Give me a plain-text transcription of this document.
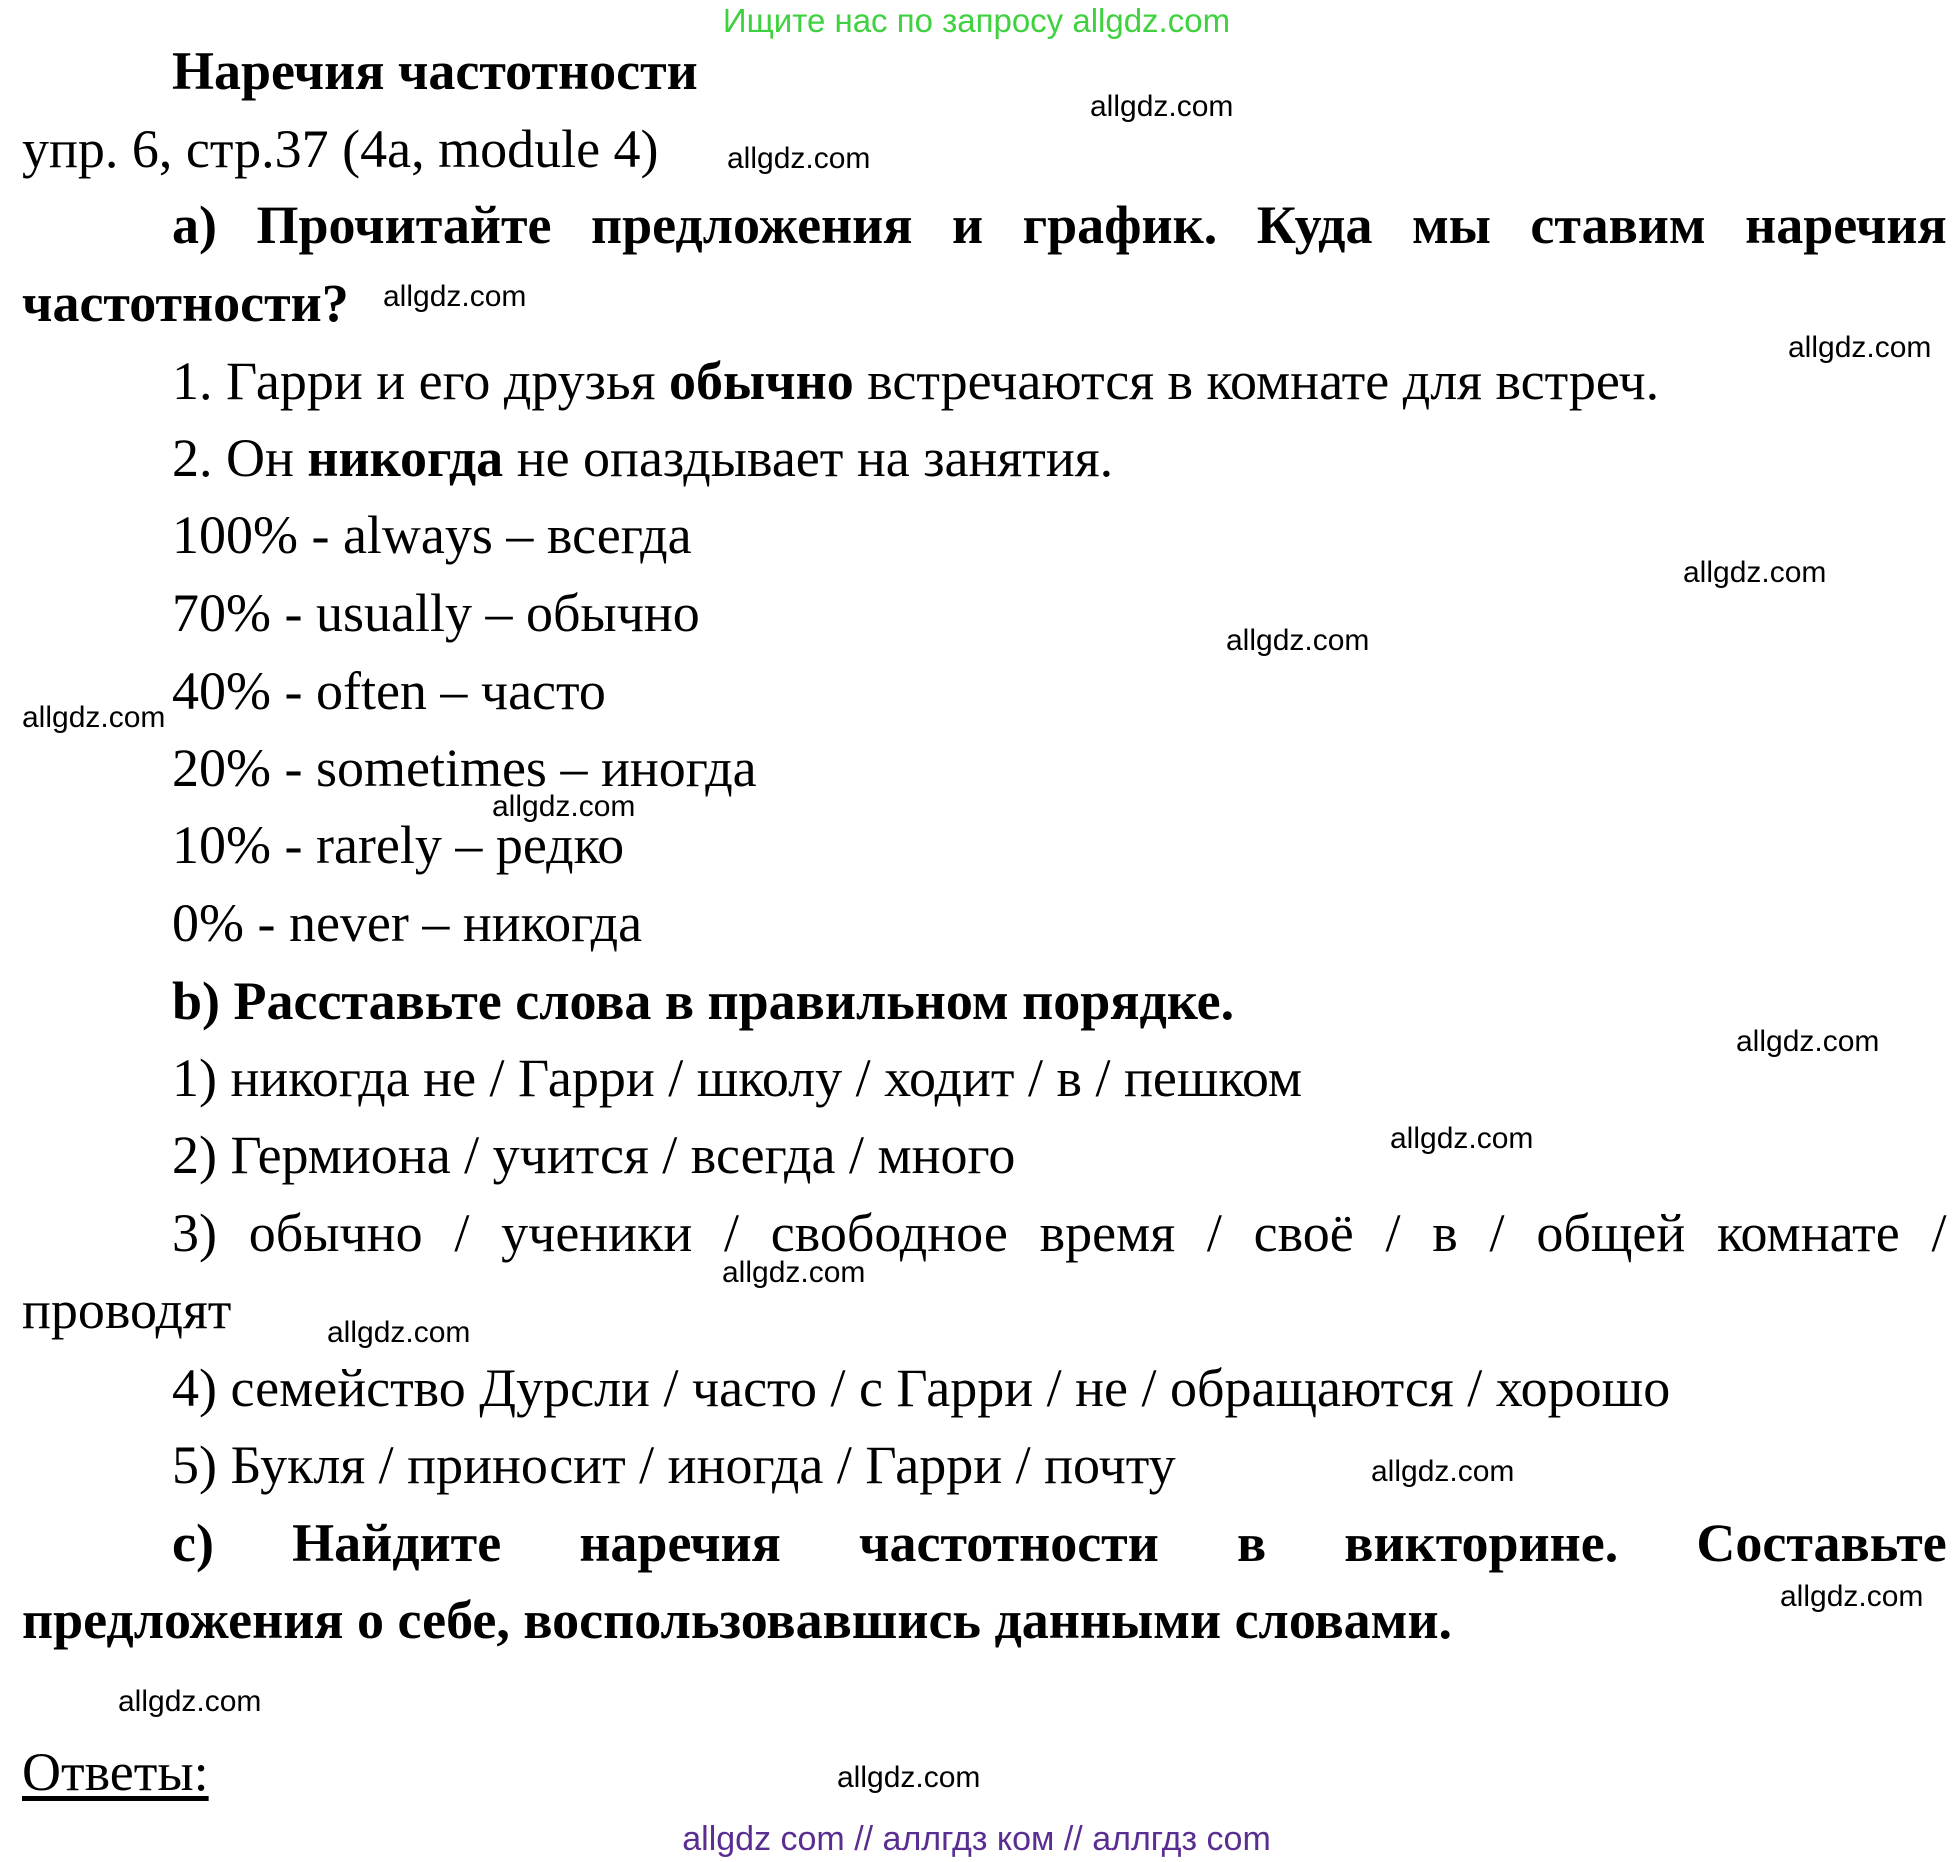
Ищите нас по запросу allgdz.com
Наречия частотности
упр. 6, стр.37 (4a, module 4)
а) Прочитайте предложения и график. Куда мы ставим наречия
частотности?
1. Гарри и его друзья обычно встречаются в комнате для встреч.
2. Он никогда не опаздывает на занятия.
100% - always – всегда
70% - usually – обычно
40% - often – часто
20% - sometimes – иногда
10% - rarely – редко
0% - never – никогда
b) Расставьте слова в правильном порядке.
1) никогда не / Гарри / школу / ходит / в / пешком
2) Гермиона / учится / всегда / много
3) обычно / ученики / свободное время / своё / в / общей комнате /
проводят
4) семейство Дурсли / часто / с Гарри / не / обращаются / хорошо
5) Букля / приносит / иногда / Гарри / почту
с) Найдите наречия частотности в викторине. Составьте
предложения о себе, воспользовавшись данными словами.
Ответы:
allgdz.com
allgdz.com
allgdz.com
allgdz.com
allgdz.com
allgdz.com
allgdz.com
allgdz.com
allgdz.com
allgdz.com
allgdz.com
allgdz.com
allgdz.com
allgdz.com
allgdz.com
allgdz.com
allgdz com // аллгдз ком // аллгдз com
